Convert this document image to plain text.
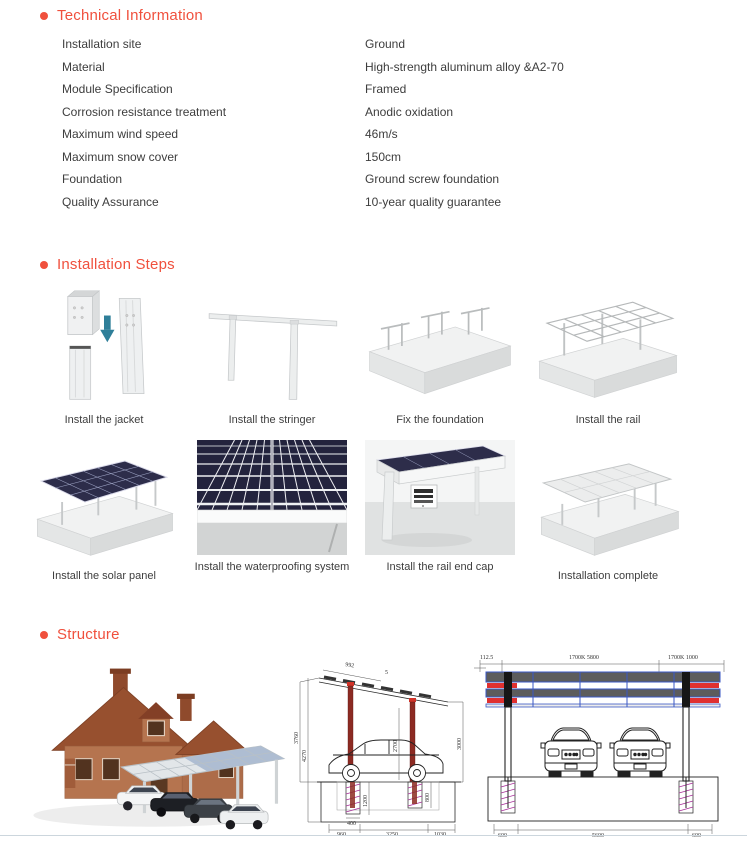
Technical Information
Installation site	Ground
Material	High-strength aluminum alloy &A2-70
Module Specification	Framed
Corrosion resistance treatment	Anodic oxidation
Maximum wind speed	46m/s
Maximum snow cover	150cm
Foundation	Ground screw foundation
Quality Assurance	10-year quality guarantee
Installation Steps
Install the jacket	Install the stringer	Fix the foundation	Install the rail
Install the solar panel
Install the waterproofing system	Install the rail end cap
Installation complete
Structure
992
5
3760
4270
2700	3000
1200
400
800
112.5	1700K 5800	1700K 1000
